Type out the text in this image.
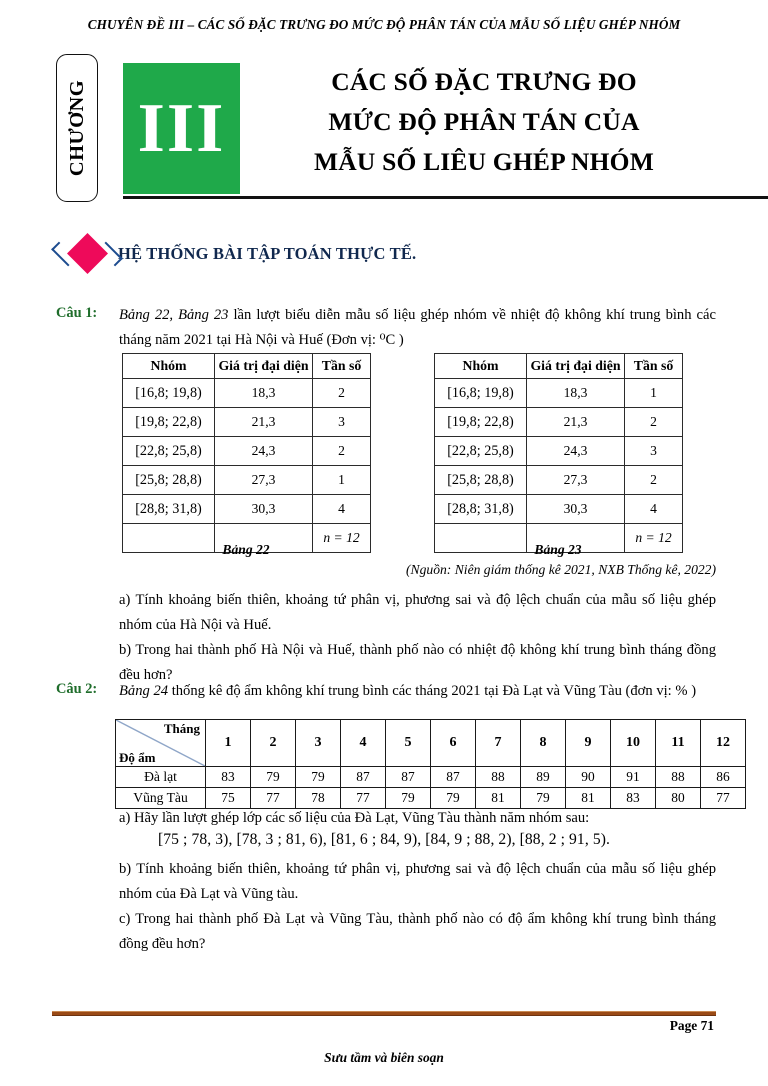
CHUYÊN ĐỀ III – CÁC SỐ ĐẶC TRƯNG ĐO MỨC ĐỘ PHÂN TÁN CỦA MẪU SỐ LIỆU GHÉP NHÓM
CHƯƠNG III
CÁC SỐ ĐẶC TRƯNG ĐO
MỨC ĐỘ PHÂN TÁN CỦA
MẪU SỐ LIÊU GHÉP NHÓM
HỆ THỐNG BÀI TẬP TOÁN THỰC TẾ.
Câu 1: Bảng 22, Bảng 23 lần lượt biểu diễn mẫu số liệu ghép nhóm về nhiệt độ không khí trung bình các tháng năm 2021 tại Hà Nội và Huế (Đơn vị: ⁰C )
Nhóm	Giá trị đại diện	Tần số
[16,8; 19,8)	18,3	2
[19,8; 22,8)	21,3	3
[22,8; 25,8)	24,3	2
[25,8; 28,8)	27,3	1
[28,8; 31,8)	30,3	4
		n = 12
Bảng 22
Nhóm	Giá trị đại diện	Tần số
[16,8; 19,8)	18,3	1
[19,8; 22,8)	21,3	2
[22,8; 25,8)	24,3	3
[25,8; 28,8)	27,3	2
[28,8; 31,8)	30,3	4
		n = 12
Bảng 23
(Nguồn: Niên giám thống kê 2021, NXB Thống kê, 2022)
a) Tính khoảng biến thiên, khoảng tứ phân vị, phương sai và độ lệch chuẩn của mẫu số liệu ghép nhóm của Hà Nội và Huế.
b) Trong hai thành phố Hà Nội và Huế, thành phố nào có nhiệt độ không khí trung bình tháng đồng đều hơn?
Câu 2: Bảng 24 thống kê độ ẩm không khí trung bình các tháng 2021 tại Đà Lạt và Vũng Tàu (đơn vị: % )
Tháng
Độ ẩm	1	2	3	4	5	6	7	8	9	10	11	12
Đà lạt	83	79	79	87	87	87	88	89	90	91	88	86
Vũng Tàu	75	77	78	77	79	79	81	79	81	83	80	77
a) Hãy lần lượt ghép lớp các số liệu của Đà Lạt, Vũng Tàu thành năm nhóm sau:
[75 ; 78, 3), [78, 3 ; 81, 6), [81, 6 ; 84, 9), [84, 9 ; 88, 2), [88, 2 ; 91, 5).
b) Tính khoảng biến thiên, khoảng tứ phân vị, phương sai và độ lệch chuẩn của mẫu số liệu ghép nhóm của Đà Lạt và Vũng tàu.
c) Trong hai thành phố Đà Lạt và Vũng Tàu, thành phố nào có độ ẩm không khí trung bình tháng đồng đều hơn?
Page 71
Sưu tầm và biên soạn
